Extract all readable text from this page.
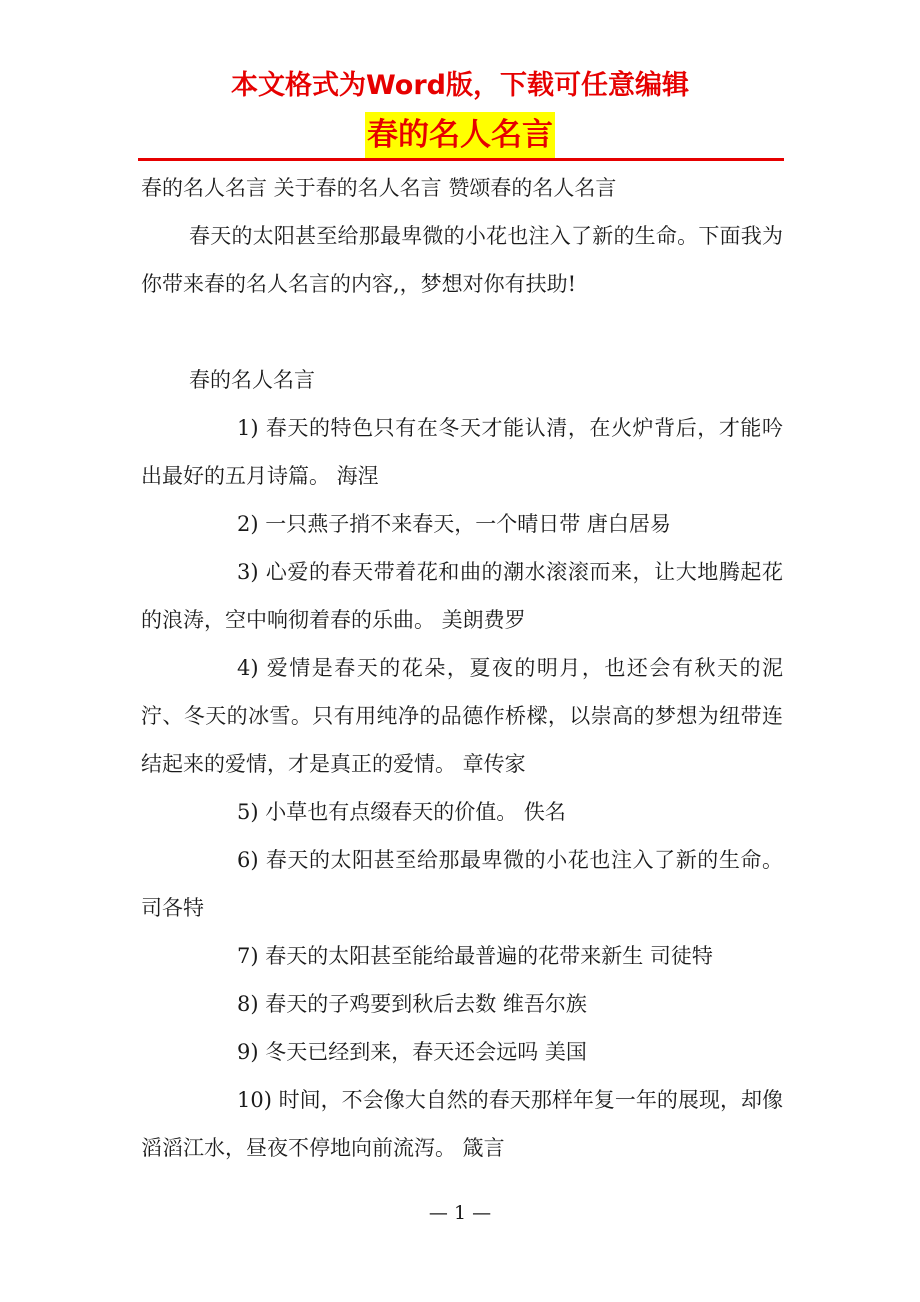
本文格式为Word版，下载可任意编辑
春的名人名言

春的名人名言 关于春的名人名言 赞颂春的名人名言

春天的太阳甚至给那最卑微的小花也注入了新的生命。下面我为你带来春的名人名言的内容,，梦想对你有扶助!

春的名人名言

1) 春天的特色只有在冬天才能认清，在火炉背后，才能吟出最好的五月诗篇。 海涅

2) 一只燕子捎不来春天，一个晴日带 唐白居易

3) 心爱的春天带着花和曲的潮水滚滚而来，让大地腾起花的浪涛，空中响彻着春的乐曲。 美朗费罗

4) 爱情是春天的花朵，夏夜的明月，也还会有秋天的泥泞、冬天的冰雪。只有用纯净的品德作桥樑，以崇高的梦想为纽带连结起来的爱情，才是真正的爱情。 章传家

5) 小草也有点缀春天的价值。 佚名

6) 春天的太阳甚至给那最卑微的小花也注入了新的生命。 司各特

7) 春天的太阳甚至能给最普遍的花带来新生 司徒特

8) 春天的子鸡要到秋后去数 维吾尔族

9) 冬天已经到来，春天还会远吗 美国

10) 时间，不会像大自然的春天那样年复一年的展现，却像滔滔江水，昼夜不停地向前流泻。 箴言

— 1 —
